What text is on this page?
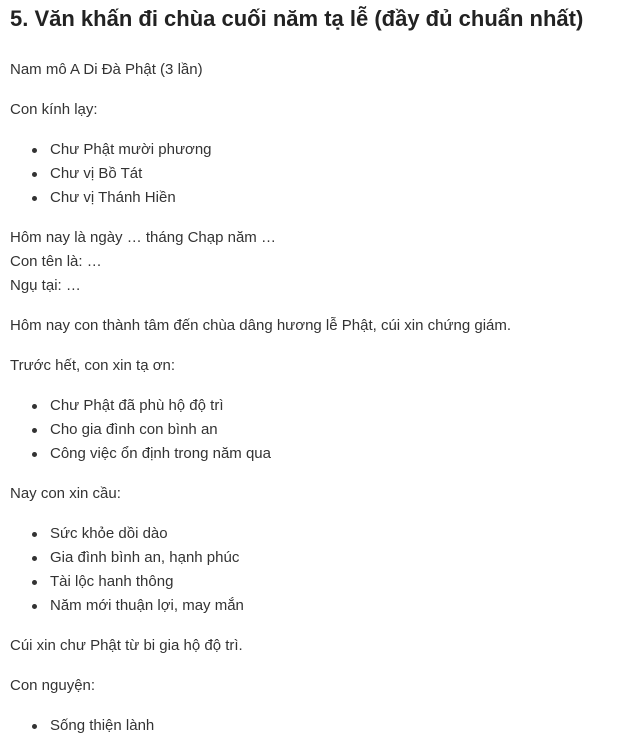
5. Văn khấn đi chùa cuối năm tạ lễ (đầy đủ chuẩn nhất)

Nam mô A Di Đà Phật (3 lần)

Con kính lạy:

Chư Phật mười phương
Chư vị Bồ Tát
Chư vị Thánh Hiền

Hôm nay là ngày … tháng Chạp năm …

Con tên là: …

Ngụ tại: …

Hôm nay con thành tâm đến chùa dâng hương lễ Phật, cúi xin chứng giám.

Trước hết, con xin tạ ơn:

Chư Phật đã phù hộ độ trì
Cho gia đình con bình an
Công việc ổn định trong năm qua

Nay con xin cầu:

Sức khỏe dồi dào
Gia đình bình an, hạnh phúc
Tài lộc hanh thông
Năm mới thuận lợi, may mắn

Cúi xin chư Phật từ bi gia hộ độ trì.

Con nguyện:

Sống thiện lành
